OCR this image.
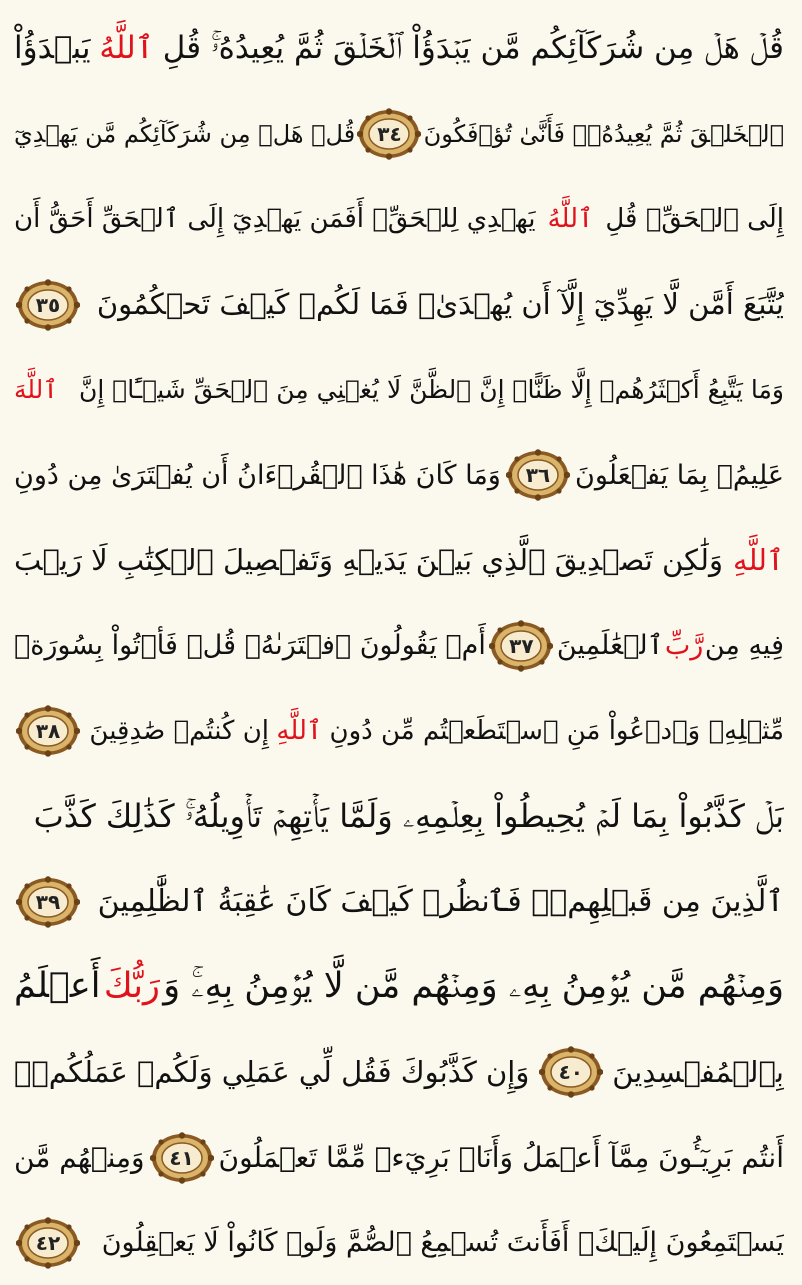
قُلۡ هَلۡ مِن شُرَكَآئِكُم مَّن يَبۡدَؤُاْ ٱلۡخَلۡقَ ثُمَّ يُعِيدُهُۥۚ قُلِ
ٱللَّهُ
يَبۡدَؤُاْ
ٱلۡخَلۡقَ ثُمَّ يُعِيدُهُۥۖ فَأَنَّىٰ تُؤۡفَكُونَ
٣٤
قُلۡ هَلۡ مِن شُرَكَآئِكُم مَّن يَهۡدِيٓ
إِلَى ٱلۡحَقِّۚ قُلِ
ٱللَّهُ
يَهۡدِي لِلۡحَقِّۗ أَفَمَن يَهۡدِيٓ إِلَى ٱلۡحَقِّ أَحَقُّ أَن
يُتَّبَعَ أَمَّن لَّا يَهِدِّيٓ إِلَّآ أَن يُهۡدَىٰۖ فَمَا لَكُمۡ كَيۡفَ تَحۡكُمُونَ
٣٥
وَمَا يَتَّبِعُ أَكۡثَرُهُمۡ إِلَّا ظَنًّاۚ إِنَّ ٱلظَّنَّ لَا يُغۡنِي مِنَ ٱلۡحَقِّ شَيۡـًٔاۚ إِنَّ
ٱللَّهَ
عَلِيمُۢ بِمَا يَفۡعَلُونَ
٣٦
وَمَا كَانَ هَٰذَا ٱلۡقُرۡءَانُ أَن يُفۡتَرَىٰ مِن دُونِ
ٱللَّهِ
وَلَٰكِن تَصۡدِيقَ ٱلَّذِي بَيۡنَ يَدَيۡهِ وَتَفۡصِيلَ ٱلۡكِتَٰبِ لَا رَيۡبَ
فِيهِ مِن
رَّبِّ
ٱلۡعَٰلَمِينَ
٣٧
أَمۡ يَقُولُونَ ٱفۡتَرَىٰهُۖ قُلۡ فَأۡتُواْ بِسُورَةٖ
مِّثۡلِهِۦ وَٱدۡعُواْ مَنِ ٱسۡتَطَعۡتُم مِّن دُونِ
ٱللَّهِ
إِن كُنتُمۡ صَٰدِقِينَ
٣٨
بَلۡ كَذَّبُواْ بِمَا لَمۡ يُحِيطُواْ بِعِلۡمِهِۦ وَلَمَّا يَأۡتِهِمۡ تَأۡوِيلُهُۥۚ كَذَٰلِكَ كَذَّبَ
ٱلَّذِينَ مِن قَبۡلِهِمۡۖ فَٱنظُرۡ كَيۡفَ كَانَ عَٰقِبَةُ ٱلظَّٰلِمِينَ
٣٩
وَمِنۡهُم مَّن يُؤۡمِنُ بِهِۦ وَمِنۡهُم مَّن لَّا يُؤۡمِنُ بِهِۦۚ وَ
رَبُّكَ
أَعۡلَمُ
بِٱلۡمُفۡسِدِينَ
٤٠
وَإِن كَذَّبُوكَ فَقُل لِّي عَمَلِي وَلَكُمۡ عَمَلُكُمۡۖ
أَنتُم بَرِيٓـُٔونَ مِمَّآ أَعۡمَلُ وَأَنَا۠ بَرِيٓءٞ مِّمَّا تَعۡمَلُونَ
٤١
وَمِنۡهُم مَّن
يَسۡتَمِعُونَ إِلَيۡكَۚ أَفَأَنتَ تُسۡمِعُ ٱلصُّمَّ وَلَوۡ كَانُواْ لَا يَعۡقِلُونَ
٤٢
